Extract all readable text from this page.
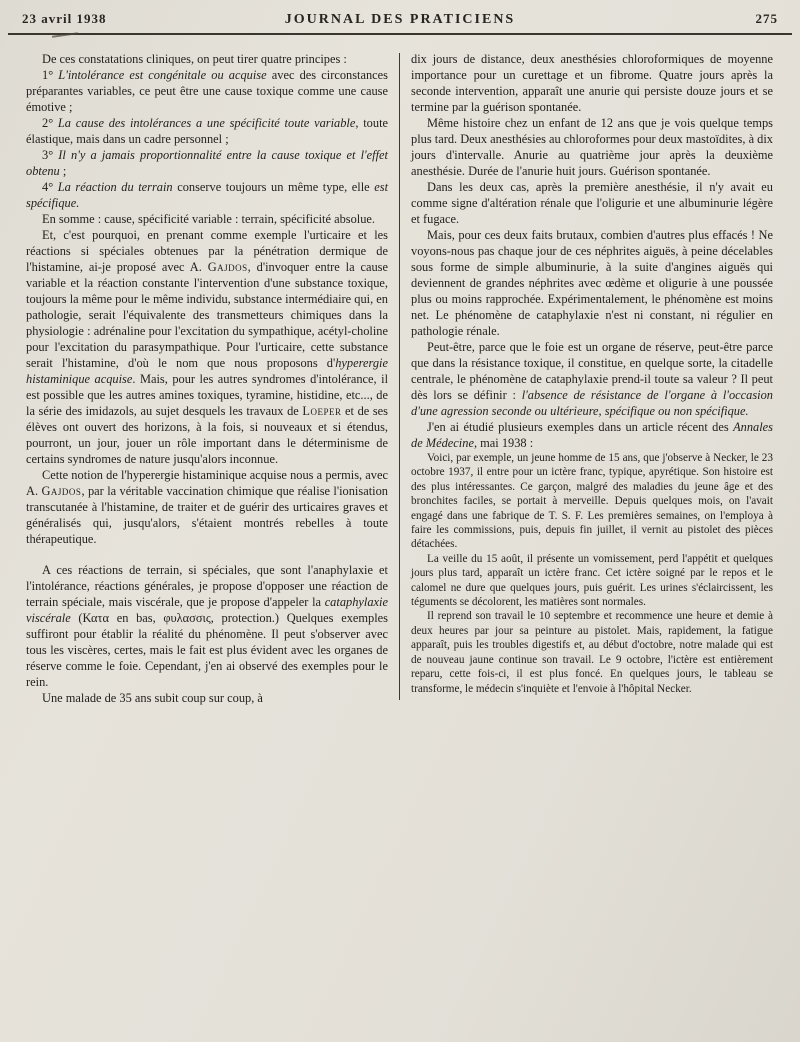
23 avril 1938	JOURNAL DES PRATICIENS	275

De ces constatations cliniques, on peut tirer quatre principes :

1° L'intolérance est congénitale ou acquise avec des circonstances préparantes variables, ce peut être une cause toxique comme une cause émotive ;

2° La cause des intolérances a une spécificité toute variable, toute élastique, mais dans un cadre personnel ;

3° Il n'y a jamais proportionnalité entre la cause toxique et l'effet obtenu ;

4° La réaction du terrain conserve toujours un même type, elle est spécifique.

En somme : cause, spécificité variable : terrain, spécificité absolue.

Et, c'est pourquoi, en prenant comme exemple l'urticaire et les réactions si spéciales obtenues par la pénétration dermique de l'histamine, ai-je proposé avec A. Gajdos, d'invoquer entre la cause variable et la réaction constante l'intervention d'une substance toxique, toujours la même pour le même individu, substance intermédiaire qui, en pathologie, serait l'équivalente des transmetteurs chimiques dans la physiologie : adrénaline pour l'excitation du sympathique, acétyl-choline pour l'excitation du parasympathique. Pour l'urticaire, cette substance serait l'histamine, d'où le nom que nous proposons d'hyperergie histaminique acquise. Mais, pour les autres syndromes d'intolérance, il est possible que les autres amines toxiques, tyramine, histidine, etc..., de la série des imidazols, au sujet desquels les travaux de Loeper et de ses élèves ont ouvert des horizons, à la fois, si nouveaux et si étendus, pourront, un jour, jouer un rôle important dans le déterminisme de certains syndromes de nature jusqu'alors inconnue.

Cette notion de l'hyperergie histaminique acquise nous a permis, avec A. Gajdos, par la véritable vaccination chimique que réalise l'ionisation transcutanée à l'histamine, de traiter et de guérir des urticaires graves et généralisés qui, jusqu'alors, s'étaient montrés rebelles à toute thérapeutique.

A ces réactions de terrain, si spéciales, que sont l'anaphylaxie et l'intolérance, réactions générales, je propose d'opposer une réaction de terrain spéciale, mais viscérale, que je propose d'appeler la cataphylaxie viscérale (Κατα en bas, φυλασσις, protection.) Quelques exemples suffiront pour établir la réalité du phénomène. Il peut s'observer avec tous les viscères, certes, mais le fait est plus évident avec les organes de réserve comme le foie. Cependant, j'en ai observé des exemples pour le rein.

Une malade de 35 ans subit coup sur coup, à

dix jours de distance, deux anesthésies chloroformiques de moyenne importance pour un curettage et un fibrome. Quatre jours après la seconde intervention, apparaît une anurie qui persiste douze jours et se termine par la guérison spontanée.

Même histoire chez un enfant de 12 ans que je vois quelque temps plus tard. Deux anesthésies au chloroformes pour deux mastoïdites, à dix jours d'intervalle. Anurie au quatrième jour après la deuxième anesthésie. Durée de l'anurie huit jours. Guérison spontanée.

Dans les deux cas, après la première anesthésie, il n'y avait eu comme signe d'altération rénale que l'oligurie et une albuminurie légère et fugace.

Mais, pour ces deux faits brutaux, combien d'autres plus effacés ! Ne voyons-nous pas chaque jour de ces néphrites aiguës, à peine décelables sous forme de simple albuminurie, à la suite d'angines aiguës qui deviennent de grandes néphrites avec œdème et oligurie à une poussée plus ou moins rapprochée. Expérimentalement, le phénomène est moins net. Le phénomène de cataphylaxie n'est ni constant, ni régulier en pathologie rénale.

Peut-être, parce que le foie est un organe de réserve, peut-être parce que dans la résistance toxique, il constitue, en quelque sorte, la citadelle centrale, le phénomène de cataphylaxie prend-il toute sa valeur ? Il peut dès lors se définir : l'absence de résistance de l'organe à l'occasion d'une agression seconde ou ultérieure, spécifique ou non spécifique.

J'en ai étudié plusieurs exemples dans un article récent des Annales de Médecine, mai 1938 :

Voici, par exemple, un jeune homme de 15 ans, que j'observe à Necker, le 23 octobre 1937, il entre pour un ictère franc, typique, apyrétique. Son histoire est des plus intéressantes. Ce garçon, malgré des maladies du jeune âge et des bronchites faciles, se portait à merveille. Depuis quelques mois, on l'avait engagé dans une fabrique de T. S. F. Les premières semaines, on l'employa à faire les commissions, puis, depuis fin juillet, il vernit au pistolet des pièces détachées.

La veille du 15 août, il présente un vomissement, perd l'appétit et quelques jours plus tard, apparaît un ictère franc. Cet ictère soigné par le repos et le calomel ne dure que quelques jours, puis guérit. Les urines s'éclaircissent, les téguments se décolorent, les matières sont normales.

Il reprend son travail le 10 septembre et recommence une heure et demie à deux heures par jour sa peinture au pistolet. Mais, rapidement, la fatigue apparaît, puis les troubles digestifs et, au début d'octobre, notre malade qui est de nouveau jaune continue son travail. Le 9 octobre, l'ictère est entièrement reparu, cette fois-ci, il est plus foncé. En quelques jours, le tableau se transforme, le médecin s'inquiète et l'envoie à l'hôpital Necker.
